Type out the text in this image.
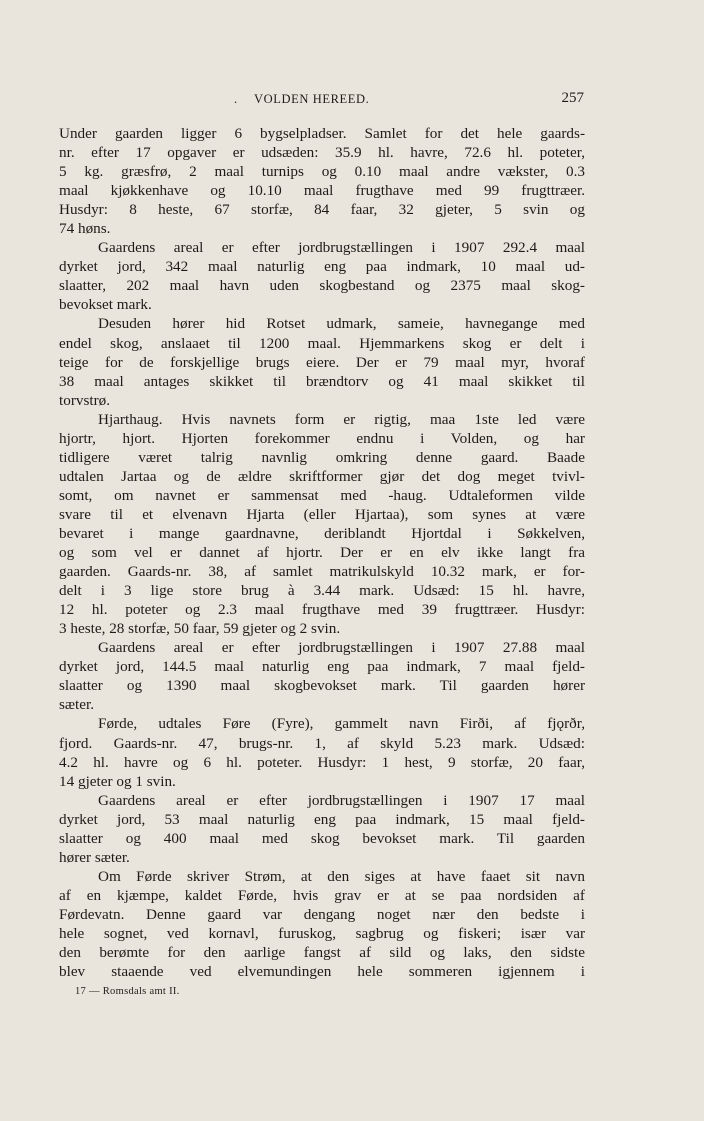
. VOLDEN HEREED.	257
Under gaarden ligger 6 bygselpladser. Samlet for det hele gaards-
nr. efter 17 opgaver er udsæden: 35.9 hl. havre, 72.6 hl. poteter,
5 kg. græsfrø, 2 maal turnips og 0.10 maal andre vækster, 0.3
maal kjøkkenhave og 10.10 maal frugthave med 99 frugttræer.
Husdyr: 8 heste, 67 storfæ, 84 faar, 32 gjeter, 5 svin og
74 høns.
Gaardens areal er efter jordbrugstællingen i 1907 292.4 maal
dyrket jord, 342 maal naturlig eng paa indmark, 10 maal ud-
slaatter, 202 maal havn uden skogbestand og 2375 maal skog-
bevokset mark.
Desuden hører hid Rotset udmark, sameie, havnegange med
endel skog, anslaaet til 1200 maal. Hjemmarkens skog er delt i
teige for de forskjellige brugs eiere. Der er 79 maal myr, hvoraf
38 maal antages skikket til brændtorv og 41 maal skikket til
torvstrø.
Hjarthaug. Hvis navnets form er rigtig, maa 1ste led være
hjortr, hjort. Hjorten forekommer endnu i Volden, og har
tidligere været talrig navnlig omkring denne gaard. Baade
udtalen Jartaa og de ældre skriftformer gjør det dog meget tvivl-
somt, om navnet er sammensat med -haug. Udtaleformen vilde
svare til et elvenavn Hjarta (eller Hjartaa), som synes at være
bevaret i mange gaardnavne, deriblandt Hjortdal i Søkkelven,
og som vel er dannet af hjortr. Der er en elv ikke langt fra
gaarden. Gaards-nr. 38, af samlet matrikulskyld 10.32 mark, er for-
delt i 3 lige store brug à 3.44 mark. Udsæd: 15 hl. havre,
12 hl. poteter og 2.3 maal frugthave med 39 frugttræer. Husdyr:
3 heste, 28 storfæ, 50 faar, 59 gjeter og 2 svin.
Gaardens areal er efter jordbrugstællingen i 1907 27.88 maal
dyrket jord, 144.5 maal naturlig eng paa indmark, 7 maal fjeld-
slaatter og 1390 maal skogbevokset mark. Til gaarden hører
sæter.
Førde, udtales Føre (Fyre), gammelt navn Firði, af fjǫrðr,
fjord. Gaards-nr. 47, brugs-nr. 1, af skyld 5.23 mark. Udsæd:
4.2 hl. havre og 6 hl. poteter. Husdyr: 1 hest, 9 storfæ, 20 faar,
14 gjeter og 1 svin.
Gaardens areal er efter jordbrugstællingen i 1907 17 maal
dyrket jord, 53 maal naturlig eng paa indmark, 15 maal fjeld-
slaatter og 400 maal med skog bevokset mark. Til gaarden
hører sæter.
Om Førde skriver Strøm, at den siges at have faaet sit navn
af en kjæmpe, kaldet Førde, hvis grav er at se paa nordsiden af
Førdevatn. Denne gaard var dengang noget nær den bedste i
hele sognet, ved kornavl, furuskog, sagbrug og fiskeri; især var
den berømte for den aarlige fangst af sild og laks, den sidste
blev staaende ved elvemundingen hele sommeren igjennem i
17 — Romsdals amt II.
